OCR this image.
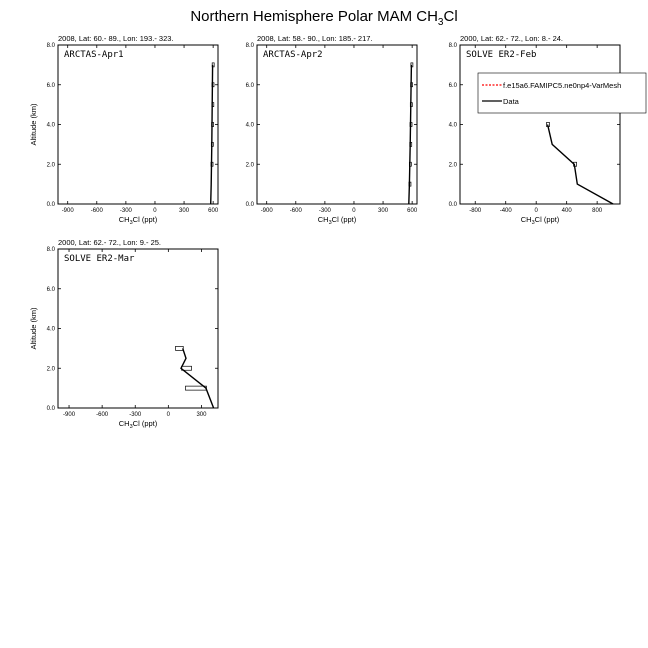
Northern Hemisphere Polar MAM $CH_3Cl$
2008, Lat: 60.- 89., Lon: 193.- 323.
ARCTAS-Apr1
-900	-600	-300	0	300	600
0.0
2.0
4.0
6.0
8.0
$CH_3Cl$ (ppt)
Altitude (km)
2008, Lat: 58.- 90., Lon: 185.- 217.
ARCTAS-Apr2
-900	-600	-300	0	300	600
0.0
2.0
4.0
6.0
8.0
$CH_3Cl$ (ppt)
2000, Lat: 62.- 72., Lon: 8.- 24.
SOLVE ER2-Feb
-800	-400	0	400	800
0.0
2.0
4.0
6.0
8.0
$CH_3Cl$ (ppt)
f.e15a6.FAMIPC5.ne0np4-VarMesh
Data
2000, Lat: 62.- 72., Lon: 9.- 25.
SOLVE ER2-Mar
-900	-600	-300	0	300
0.0
2.0
4.0
6.0
8.0
$CH_3Cl$ (ppt)
Altitude (km)
